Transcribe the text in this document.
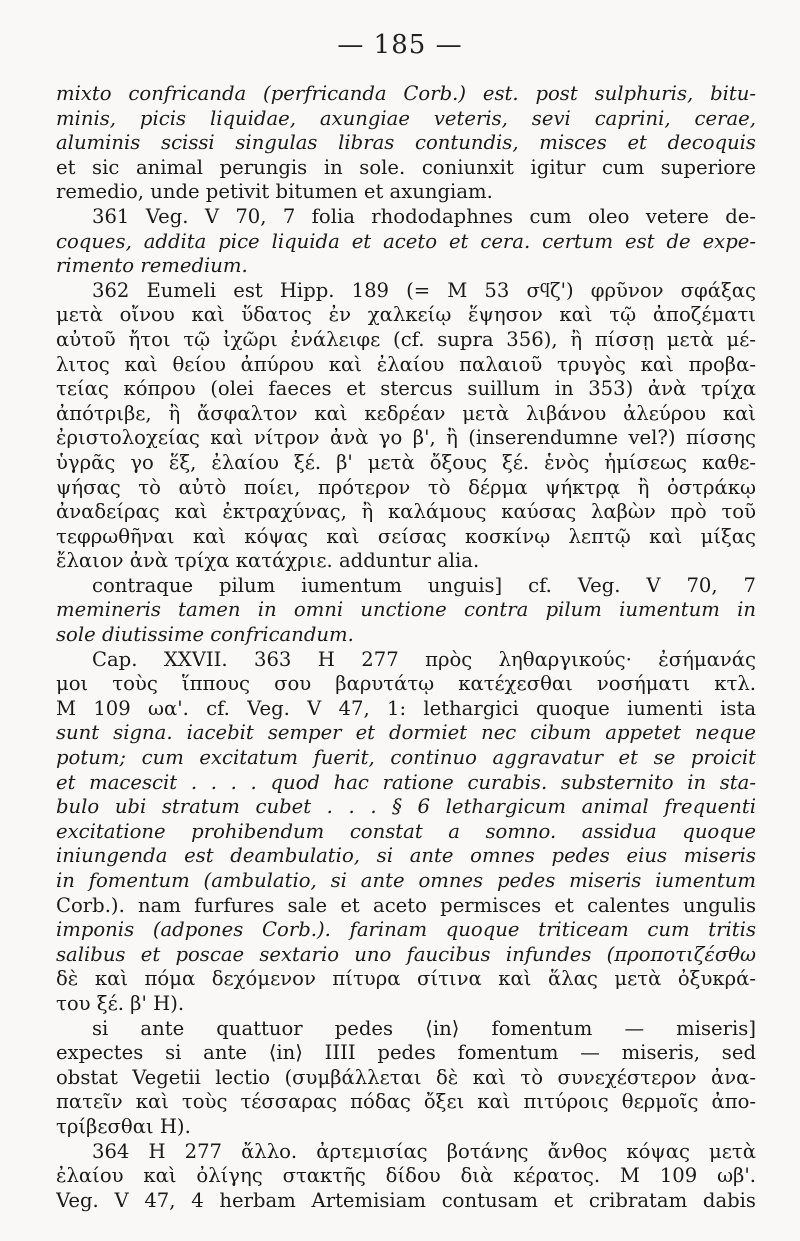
— 185 —
mixto confricanda (perfricanda Corb.) est. post sulphuris, bitu-
minis, picis liquidae, axungiae veteris, sevi caprini, cerae,
aluminis scissi singulas libras contundis, misces et decoquis
et sic animal perungis in sole. coniunxit igitur cum superiore
remedio, unde petivit bitumen et axungiam.
361 Veg. V 70, 7 folia rhododaphnes cum oleo vetere de-
coques, addita pice liquida et aceto et cera. certum est de expe-
rimento remedium.
362 Eumeli est Hipp. 189 (= M 53 σϥζ') φρῦνον σφάξας
μετὰ οἴνου καὶ ὕδατος ἐν χαλκείῳ ἕψησον καὶ τῷ ἀποζέματι
αὐτοῦ ἤτοι τῷ ἰχῶρι ἐνάλειφε (cf. supra 356), ἢ πίσσῃ μετὰ μέ-
λιτος καὶ θείου ἀπύρου καὶ ἐλαίου παλαιοῦ τρυγὸς καὶ προβα-
τείας κόπρου (olei faeces et stercus suillum in 353) ἀνὰ τρίχα
ἀπότριβε, ἢ ἄσφαλτον καὶ κεδρέαν μετὰ λιβάνου ἀλεύρου καὶ
ἐριστολοχείας καὶ νίτρον ἀνὰ γο β', ἢ (inserendumne vel?) πίσσης
ὑγρᾶς γο ἕξ, ἐλαίου ξέ. β' μετὰ ὄξους ξέ. ἑνὸς ἡμίσεως καθε-
ψήσας τὸ αὐτὸ ποίει, πρότερον τὸ δέρμα ψήκτρᾳ ἢ ὀστράκῳ
ἀναδείρας καὶ ἐκτραχύνας, ἢ καλάμους καύσας λαβὼν πρὸ τοῦ
τεφρωθῆναι καὶ κόψας καὶ σείσας κοσκίνῳ λεπτῷ καὶ μίξας
ἔλαιον ἀνὰ τρίχα κατάχριε. adduntur alia.
contraque pilum iumentum unguis] cf. Veg. V 70, 7
memineris tamen in omni unctione contra pilum iumentum in
sole diutissime confricandum.
Cap. XXVII. 363 H 277 πρὸς ληθαργικούς· ἐσήμανάς
μοι τοὺς ἵππους σου βαρυτάτῳ κατέχεσθαι νοσήματι κτλ.
M 109 ωα'. cf. Veg. V 47, 1: lethargici quoque iumenti ista
sunt signa. iacebit semper et dormiet nec cibum appetet neque
potum; cum excitatum fuerit, continuo aggravatur et se proicit
et macescit . . . . quod hac ratione curabis. substernito in sta-
bulo ubi stratum cubet . . . § 6 lethargicum animal frequenti
excitatione prohibendum constat a somno. assidua quoque
iniungenda est deambulatio, si ante omnes pedes eius miseris
in fomentum (ambulatio, si ante omnes pedes miseris iumentum
Corb.). nam furfures sale et aceto permisces et calentes ungulis
imponis (adpones Corb.). farinam quoque triticeam cum tritis
salibus et poscae sextario uno faucibus infundes (προποτιζέσθω
δὲ καὶ πόμα δεχόμενον πίτυρα σίτινα καὶ ἅλας μετὰ ὀξυκρά-
του ξέ. β' H).
si ante quattuor pedes ⟨in⟩ fomentum — miseris]
expectes si ante ⟨in⟩ IIII pedes fomentum — miseris, sed
obstat Vegetii lectio (συμβάλλεται δὲ καὶ τὸ συνεχέστερον ἀνα-
πατεῖν καὶ τοὺς τέσσαρας πόδας ὄξει καὶ πιτύροις θερμοῖς ἀπο-
τρίβεσθαι H).
364 H 277 ἄλλο. ἀρτεμισίας βοτάνης ἄνθος κόψας μετὰ
ἐλαίου καὶ ὀλίγης στακτῆς δίδου διὰ κέρατος. M 109 ωβ'.
Veg. V 47, 4 herbam Artemisiam contusam et cribratam dabis
